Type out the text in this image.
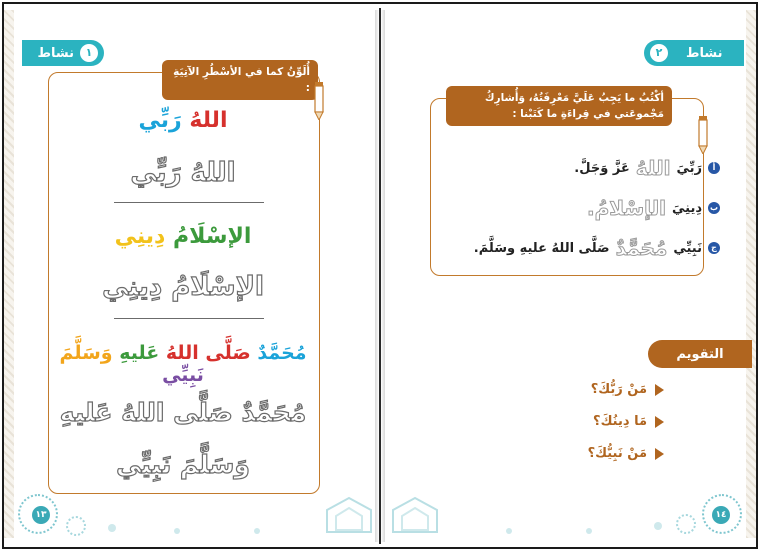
نشاط	١
أُلَوِّنُ كما في الأسْطُرِ الآتِيَةِ :
اللهُ رَبِّي
اللهُ رَبِّي
الإسْلَامُ دِينِي
الإسْلَامُ دِينِي
مُحَمَّدٌ صَلَّى اللهُ عَليهِ وَسَلَّمَ نَبِيِّي
مُحَمَّدٌ صَلَّى اللهُ عَليهِ
وَسَلَّمَ نَبِيِّي
١٣
٢	نشاط
أكْتُبُ ما يَجِبُ عَلَيَّ مَعْرِفَتُهُ، وَأُشارِكُ
مَجْموعَتي في قِراءَةِ ما كَتَبْنا :
أ
رَبِّيَ
اللهُ
عَزَّ وَجَلَّ.
ب
دِينِيَ
الإسْلامُ.
ج
نَبِيِّي
مُحَمَّدٌ
صَلَّى اللهُ عليهِ وسَلَّمَ.
التقويم
مَنْ رَبُّكَ؟
مَا دِينُكَ؟
مَنْ نَبِيُّكَ؟
١٤
